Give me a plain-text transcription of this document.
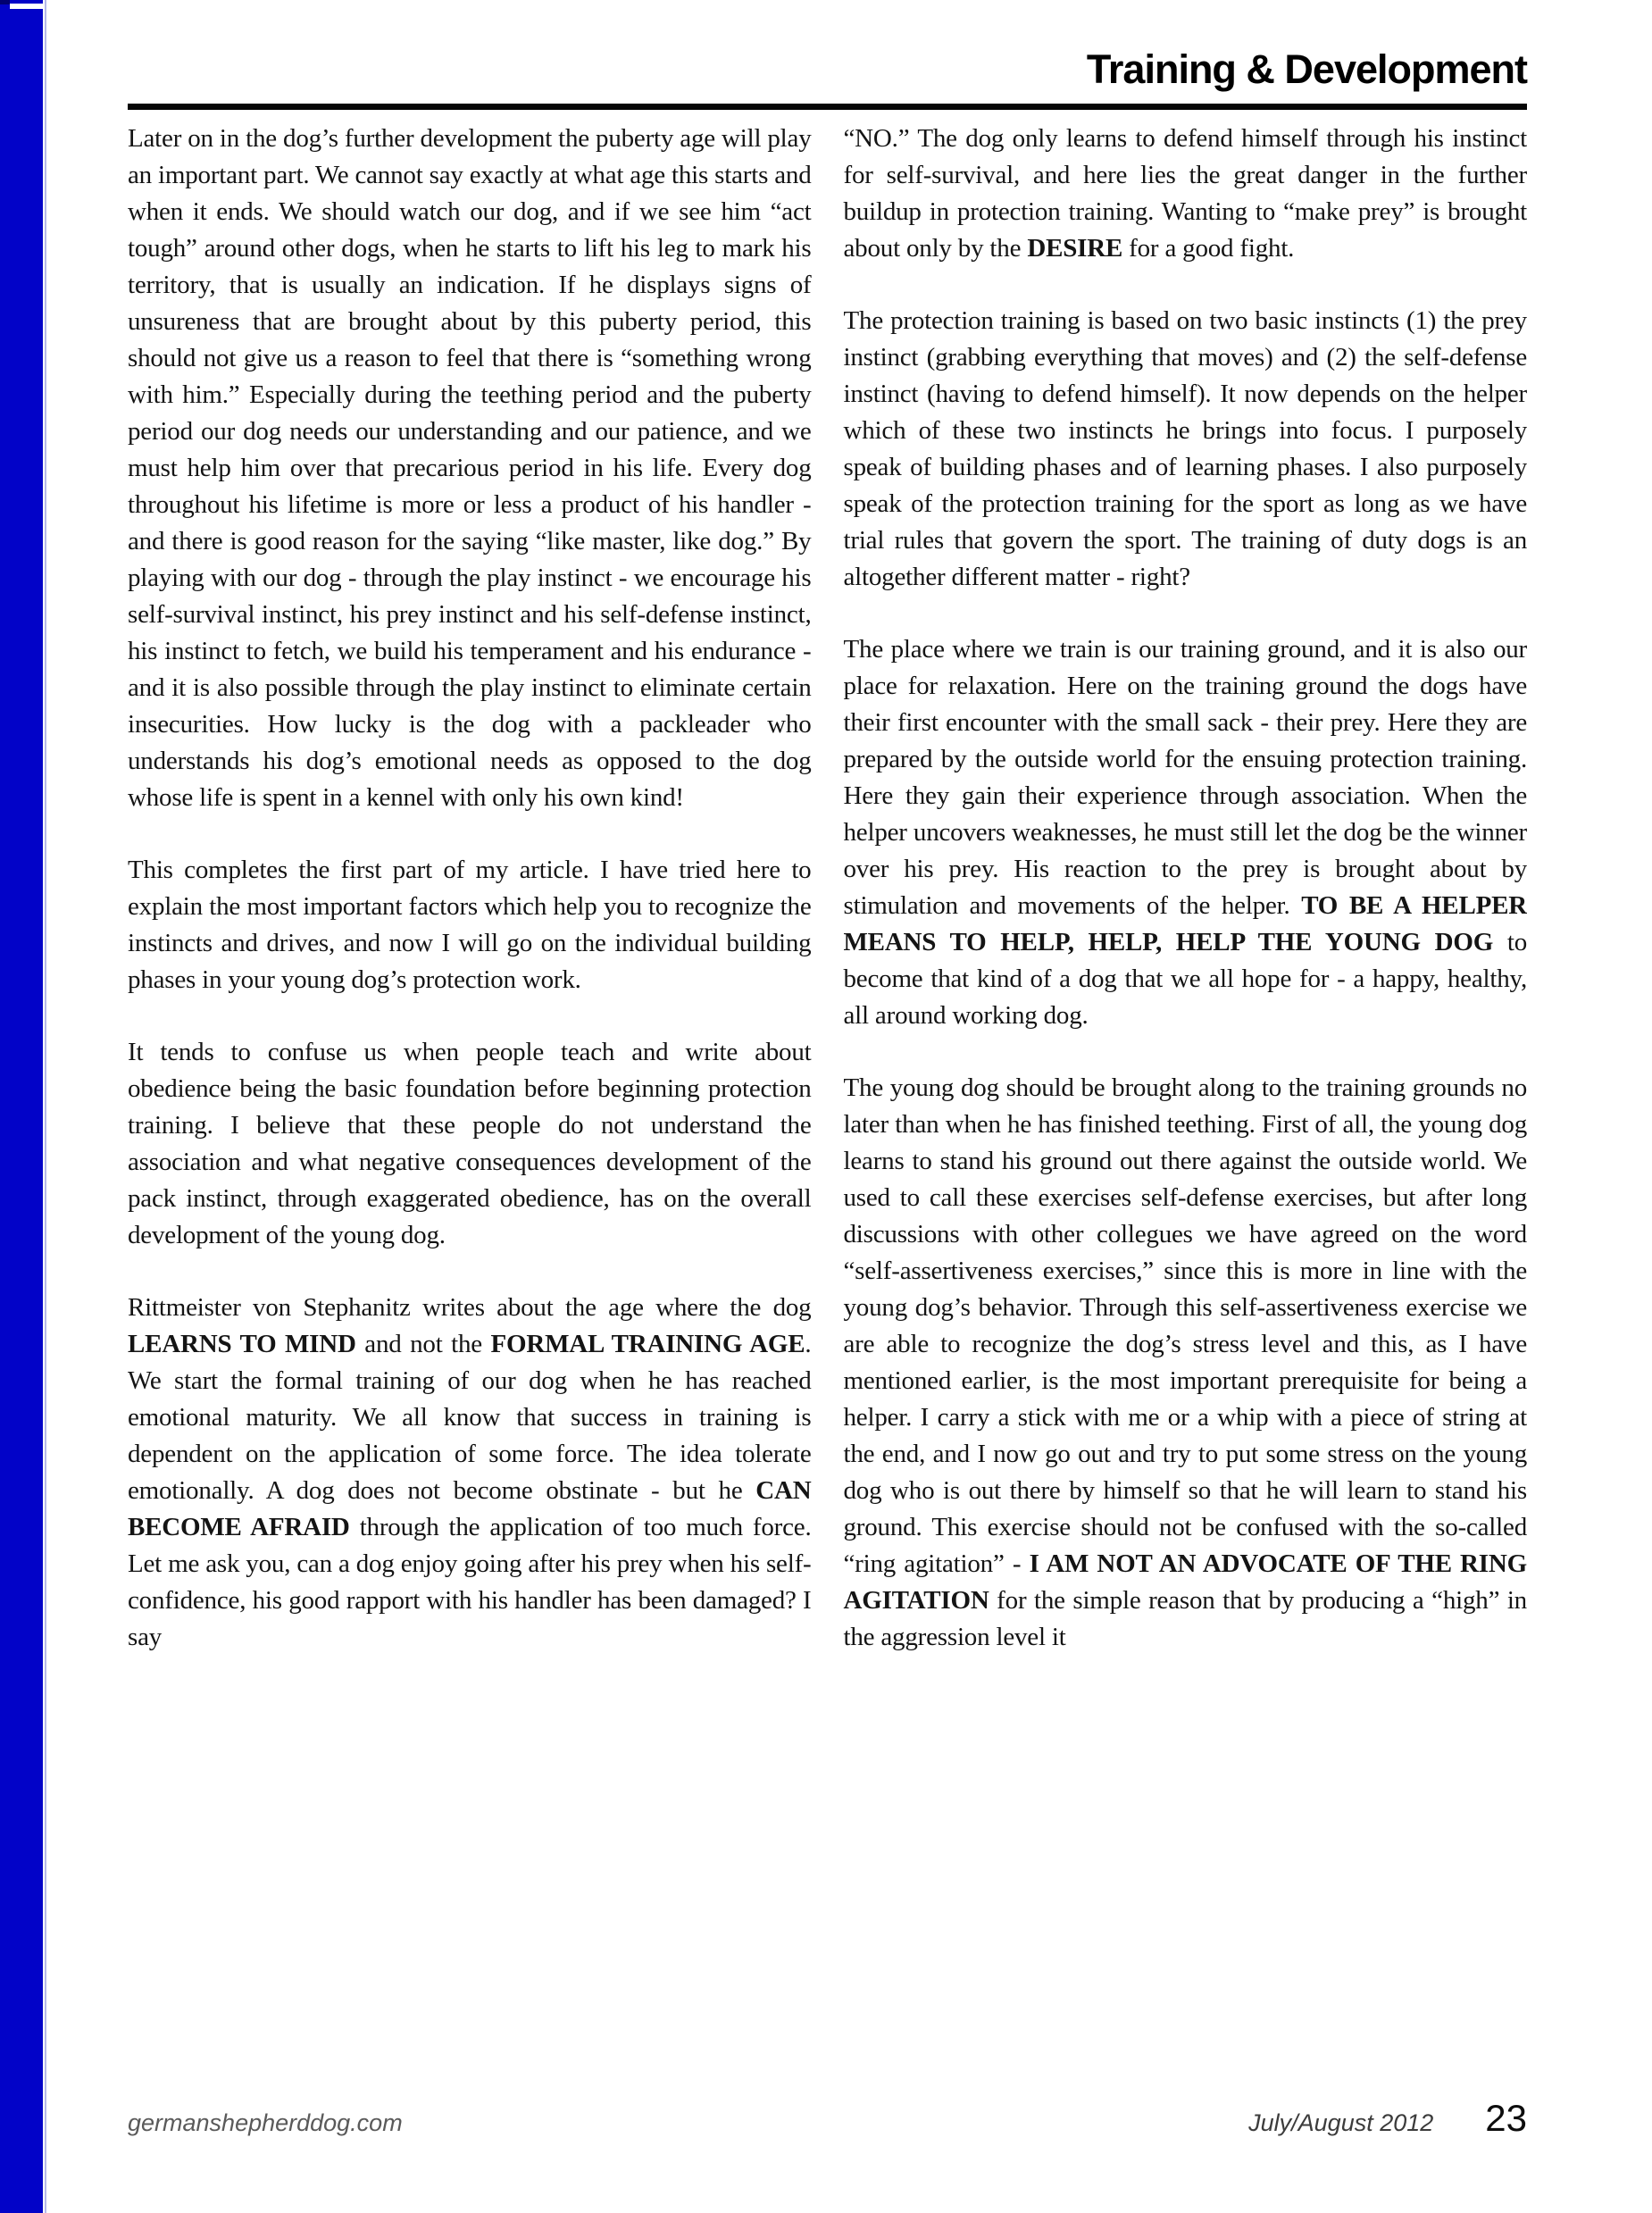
Training & Development

Later on in the dog’s further development the puberty age will play an important part. We cannot say exactly at what age this starts and when it ends. We should watch our dog, and if we see him “act tough” around other dogs, when he starts to lift his leg to mark his territory, that is usually an indication. If he displays signs of unsureness that are brought about by this puberty period, this should not give us a reason to feel that there is “something wrong with him.” Especially during the teething period and the puberty period our dog needs our understanding and our patience, and we must help him over that precarious period in his life. Every dog throughout his lifetime is more or less a product of his handler - and there is good reason for the saying “like master, like dog.” By playing with our dog - through the play instinct - we encourage his self-survival instinct, his prey instinct and his self-defense instinct, his instinct to fetch, we build his temperament and his endurance - and it is also possible through the play instinct to eliminate certain insecurities. How lucky is the dog with a packleader who understands his dog’s emotional needs as opposed to the dog whose life is spent in a kennel with only his own kind!

This completes the first part of my article. I have tried here to explain the most important factors which help you to recognize the instincts and drives, and now I will go on the individual building phases in your young dog’s protection work.

It tends to confuse us when people teach and write about obedience being the basic foundation before beginning protection training. I believe that these people do not understand the association and what negative consequences development of the pack instinct, through exaggerated obedience, has on the overall development of the young dog.

Rittmeister von Stephanitz writes about the age where the dog LEARNS TO MIND and not the FORMAL TRAINING AGE. We start the formal training of our dog when he has reached emotional maturity. We all know that success in training is dependent on the application of some force. The idea tolerate emotionally. A dog does not become obstinate - but he CAN BECOME AFRAID through the application of too much force. Let me ask you, can a dog enjoy going after his prey when his self-confidence, his good rapport with his handler has been damaged? I say

“NO.” The dog only learns to defend himself through his instinct for self-survival, and here lies the great danger in the further buildup in protection training. Wanting to “make prey” is brought about only by the DESIRE for a good fight.

The protection training is based on two basic instincts (1) the prey instinct (grabbing everything that moves) and (2) the self-defense instinct (having to defend himself). It now depends on the helper which of these two instincts he brings into focus. I purposely speak of building phases and of learning phases. I also purposely speak of the protection training for the sport as long as we have trial rules that govern the sport. The training of duty dogs is an altogether different matter - right?

The place where we train is our training ground, and it is also our place for relaxation. Here on the training ground the dogs have their first encounter with the small sack - their prey. Here they are prepared by the outside world for the ensuing protection training. Here they gain their experience through association. When the helper uncovers weaknesses, he must still let the dog be the winner over his prey. His reaction to the prey is brought about by stimulation and movements of the helper. TO BE A HELPER MEANS TO HELP, HELP, HELP THE YOUNG DOG to become that kind of a dog that we all hope for - a happy, healthy, all around working dog.

The young dog should be brought along to the training grounds no later than when he has finished teething. First of all, the young dog learns to stand his ground out there against the outside world. We used to call these exercises self-defense exercises, but after long discussions with other collegues we have agreed on the word “self-assertiveness exercises,” since this is more in line with the young dog’s behavior. Through this self-assertiveness exercise we are able to recognize the dog’s stress level and this, as I have mentioned earlier, is the most important prerequisite for being a helper. I carry a stick with me or a whip with a piece of string at the end, and I now go out and try to put some stress on the young dog who is out there by himself so that he will learn to stand his ground. This exercise should not be confused with the so-called “ring agitation” - I AM NOT AN ADVOCATE OF THE RING AGITATION for the simple reason that by producing a “high” in the aggression level it

germanshepherddog.com	July/August 2012 23
